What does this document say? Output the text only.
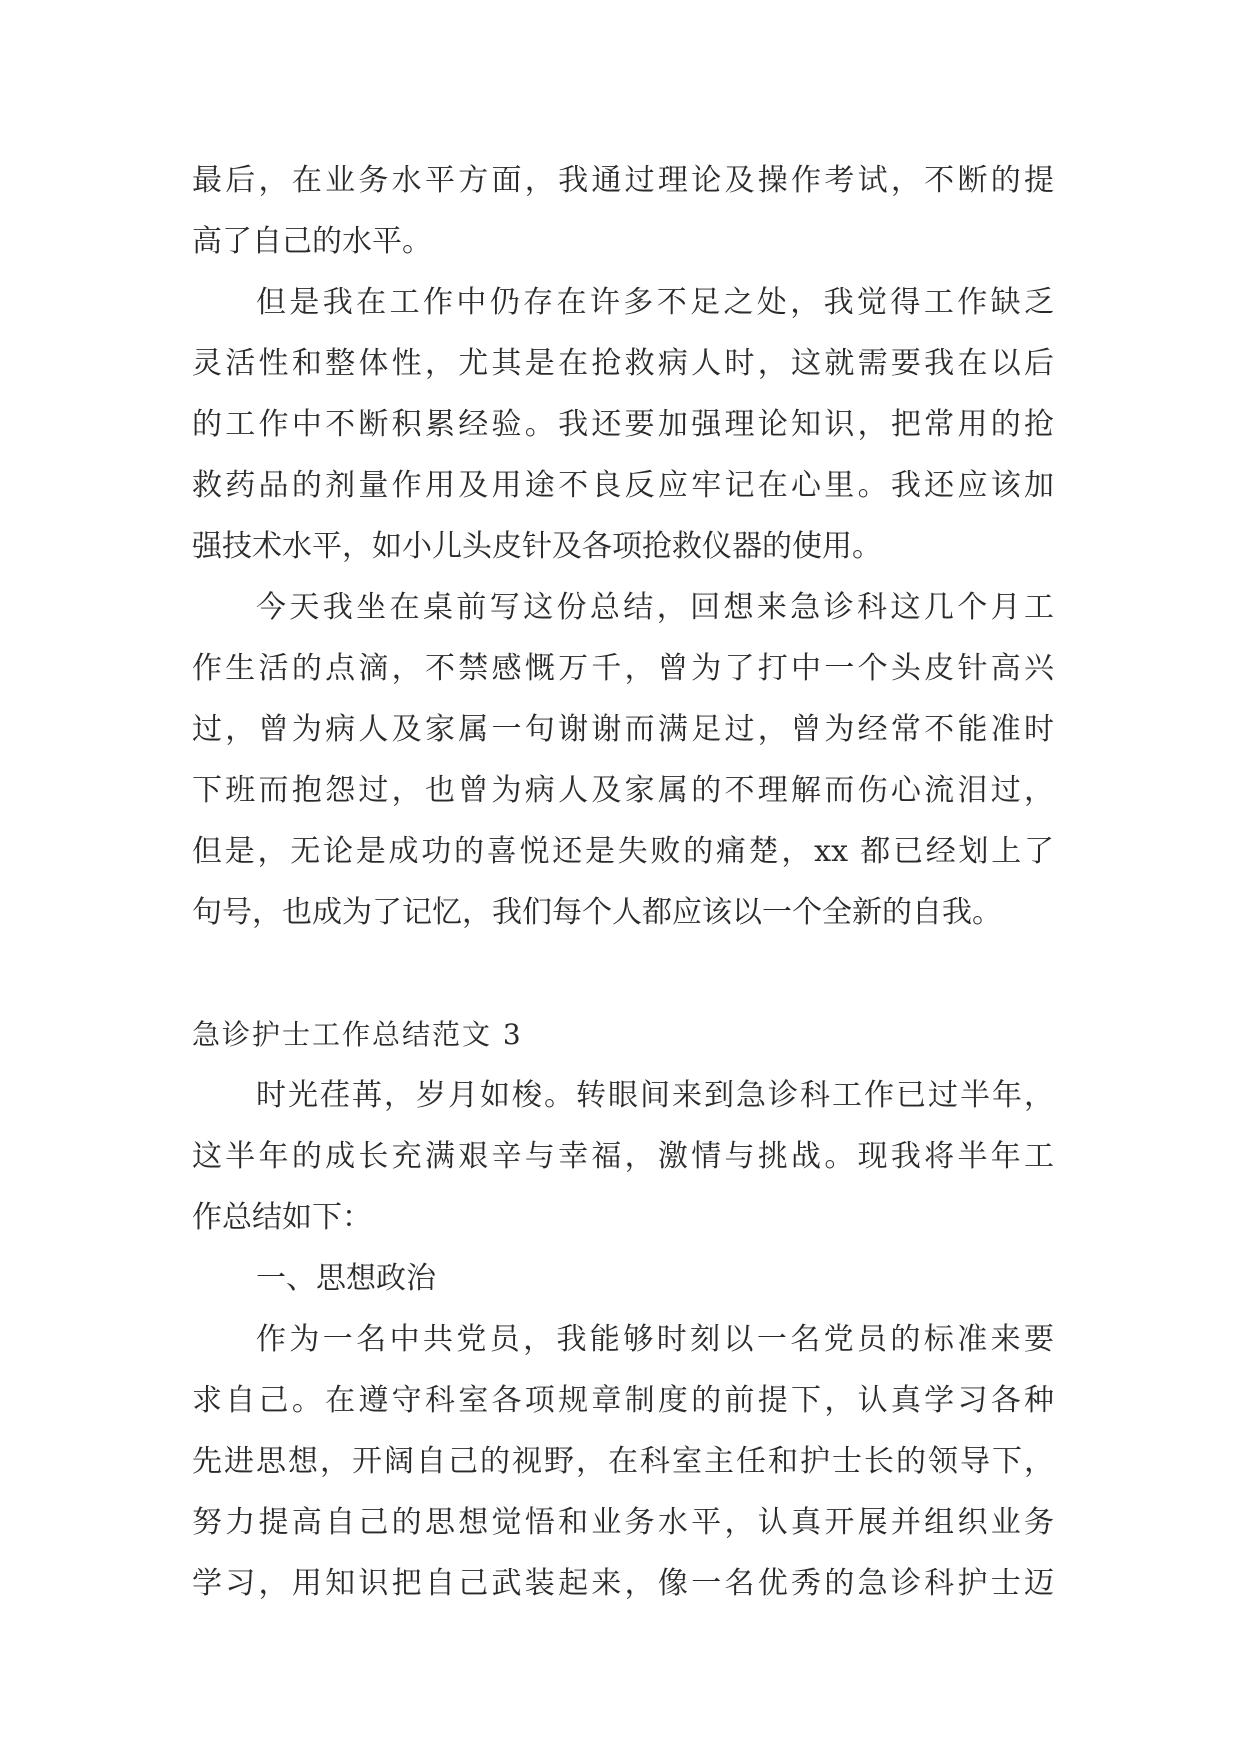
最后，在业务水平方面，我通过理论及操作考试，不断的提
高了自己的水平。
但是我在工作中仍存在许多不足之处，我觉得工作缺乏
灵活性和整体性，尤其是在抢救病人时，这就需要我在以后
的工作中不断积累经验。我还要加强理论知识，把常用的抢
救药品的剂量作用及用途不良反应牢记在心里。我还应该加
强技术水平，如小儿头皮针及各项抢救仪器的使用。
今天我坐在桌前写这份总结，回想来急诊科这几个月工
作生活的点滴，不禁感慨万千，曾为了打中一个头皮针高兴
过，曾为病人及家属一句谢谢而满足过，曾为经常不能准时
下班而抱怨过，也曾为病人及家属的不理解而伤心流泪过，
但是，无论是成功的喜悦还是失败的痛楚，xx 都已经划上了
句号，也成为了记忆，我们每个人都应该以一个全新的自我。
急诊护士工作总结范文 3
时光荏苒，岁月如梭。转眼间来到急诊科工作已过半年，
这半年的成长充满艰辛与幸福，激情与挑战。现我将半年工
作总结如下：
一、思想政治
作为一名中共党员，我能够时刻以一名党员的标准来要
求自己。在遵守科室各项规章制度的前提下，认真学习各种
先进思想，开阔自己的视野，在科室主任和护士长的领导下，
努力提高自己的思想觉悟和业务水平，认真开展并组织业务
学习，用知识把自己武装起来，像一名优秀的急诊科护士迈
